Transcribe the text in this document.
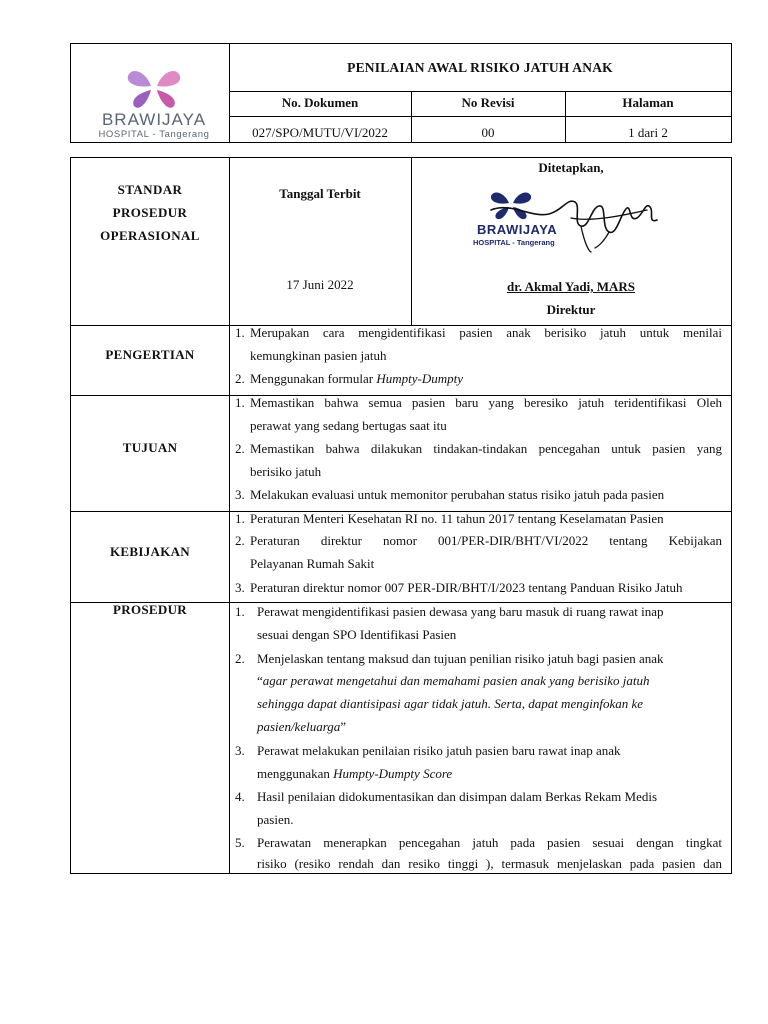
BRAWIJAYA
HOSPITAL - Tangerang
PENILAIAN AWAL RISIKO JATUH ANAK
No. Dokumen
027/SPO/MUTU/VI/2022
No Revisi
00
Halaman
1 dari 2
STANDAR
PROSEDUR
OPERASIONAL
Tanggal Terbit
17 Juni 2022
Ditetapkan,
BRAWIJAYA
HOSPITAL - Tangerang
dr. Akmal Yadi, MARS
Direktur
PENGERTIAN
1. Merupakan cara mengidentifikasi pasien anak berisiko jatuh untuk menilai
kemungkinan pasien jatuh
2. Menggunakan formular Humpty-Dumpty
TUJUAN
1. Memastikan bahwa semua pasien baru yang beresiko jatuh teridentifikasi Oleh
perawat yang sedang bertugas saat itu
2. Memastikan bahwa dilakukan tindakan-tindakan pencegahan untuk pasien yang
berisiko jatuh
3. Melakukan evaluasi untuk memonitor perubahan status risiko jatuh pada pasien
KEBIJAKAN
1. Peraturan Menteri Kesehatan RI no. 11 tahun 2017 tentang Keselamatan Pasien
2. Peraturan direktur nomor 001/PER-DIR/BHT/VI/2022 tentang Kebijakan
Pelayanan Rumah Sakit
3. Peraturan direktur nomor 007 PER-DIR/BHT/I/2023 tentang Panduan Risiko Jatuh
PROSEDUR	1. Perawat mengidentifikasi pasien dewasa yang baru masuk di ruang rawat inap
sesuai dengan SPO Identifikasi Pasien
2. Menjelaskan tentang maksud dan tujuan penilian risiko jatuh bagi pasien anak
“agar perawat mengetahui dan memahami pasien anak yang berisiko jatuh
sehingga dapat diantisipasi agar tidak jatuh. Serta, dapat menginfokan ke
pasien/keluarga”
3. Perawat melakukan penilaian risiko jatuh pasien baru rawat inap anak
menggunakan Humpty-Dumpty Score
4. Hasil penilaian didokumentasikan dan disimpan dalam Berkas Rekam Medis
pasien.
5. Perawatan menerapkan pencegahan jatuh pada pasien sesuai dengan tingkat
risiko (resiko rendah dan resiko tinggi ), termasuk menjelaskan pada pasien dan
